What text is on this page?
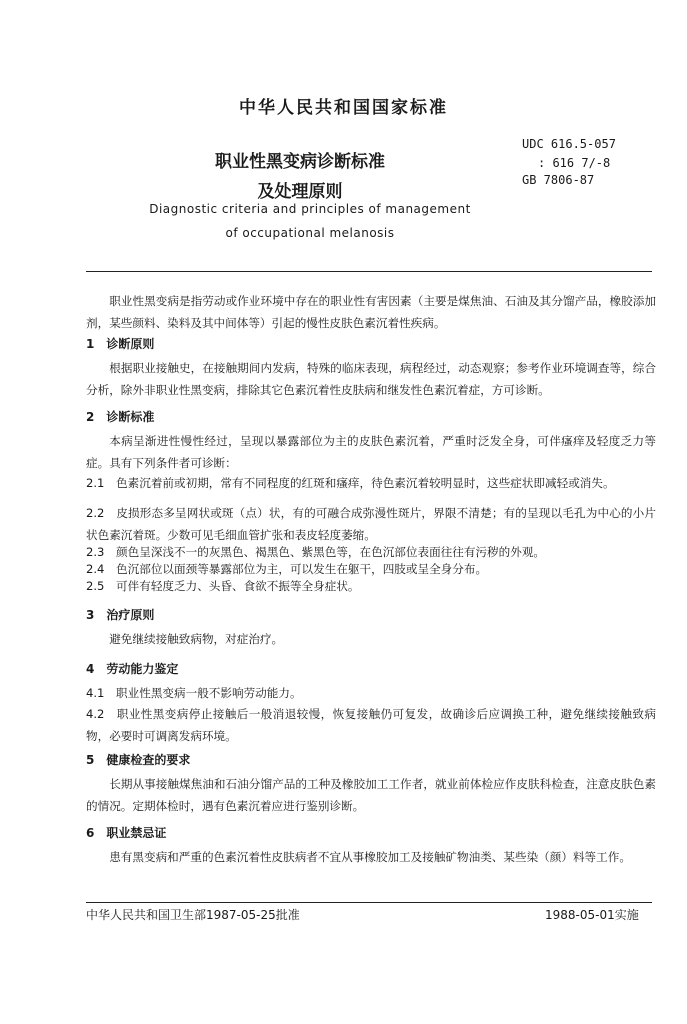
中华人民共和国国家标准
职业性黑变病诊断标准
及处理原则
Diagnostic criteria and principles of management
of occupational melanosis
UDC 616.5-057
: 616 7/-8
GB 7806-87
职业性黑变病是指劳动或作业环境中存在的职业性有害因素（主要是煤焦油、石油及其分馏产品，橡胶添加剂，某些颜料、染料及其中间体等）引起的慢性皮肤色素沉着性疾病。
1　诊断原则
根据职业接触史，在接触期间内发病，特殊的临床表现，病程经过，动态观察；参考作业环境调查等，综合分析，除外非职业性黑变病，排除其它色素沉着性皮肤病和继发性色素沉着症，方可诊断。
2　诊断标准
本病呈渐进性慢性经过，呈现以暴露部位为主的皮肤色素沉着，严重时泛发全身，可伴瘙痒及轻度乏力等症。具有下列条件者可诊断：
2.1　色素沉着前或初期，常有不同程度的红斑和瘙痒，待色素沉着较明显时，这些症状即减轻或消失。
2.2　皮损形态多呈网状或斑（点）状，有的可融合成弥漫性斑片，界限不清楚；有的呈现以毛孔为中心的小片状色素沉着斑。少数可见毛细血管扩张和表皮轻度萎缩。
2.3　颜色呈深浅不一的灰黑色、褐黑色、紫黑色等，在色沉部位表面往往有污秽的外观。
2.4　色沉部位以面颈等暴露部位为主，可以发生在躯干，四肢或呈全身分布。
2.5　可伴有轻度乏力、头昏、食欲不振等全身症状。
3　治疗原则
避免继续接触致病物，对症治疗。
4　劳动能力鉴定
4.1　职业性黑变病一般不影响劳动能力。
4.2　职业性黑变病停止接触后一般消退较慢，恢复接触仍可复发，故确诊后应调换工种，避免继续接触致病物，必要时可调离发病环境。
5　健康检查的要求
长期从事接触煤焦油和石油分馏产品的工种及橡胶加工工作者，就业前体检应作皮肤科检查，注意皮肤色素的情况。定期体检时，遇有色素沉着应进行鉴别诊断。
6　职业禁忌证
患有黑变病和严重的色素沉着性皮肤病者不宜从事橡胶加工及接触矿物油类、某些染（颜）料等工作。
中华人民共和国卫生部1987-05-25批准	1988-05-01实施
